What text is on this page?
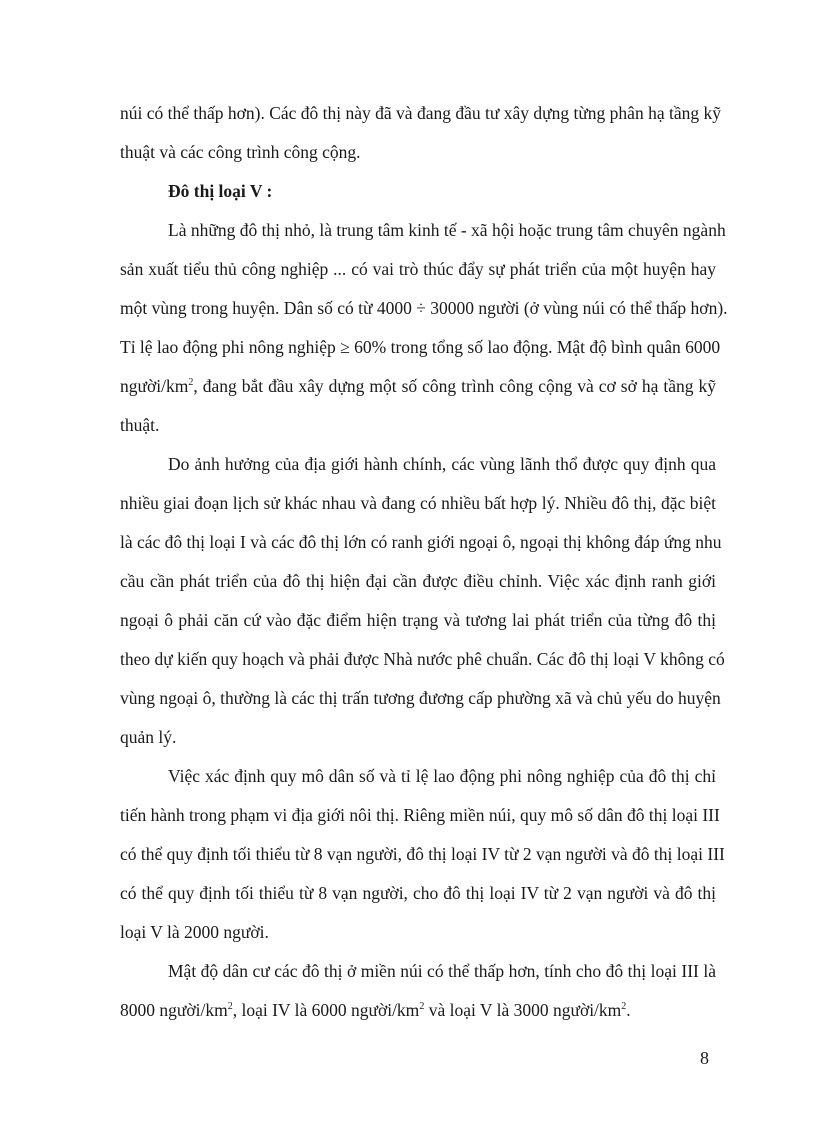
núi có thể thấp hơn). Các đô thị này đã và đang đầu tư xây dựng từng phân hạ tầng kỹ
thuật và các công trình công cộng.
Đô thị loại V :
Là những đô thị nhỏ, là trung tâm kinh tế - xã hội hoặc trung tâm chuyên ngành
sản xuất tiểu thủ công nghiệp ... có vai trò thúc đẩy sự phát triển của một huyện hay
một vùng trong huyện. Dân số có từ 4000 ÷ 30000 người (ở vùng núi có thể thấp hơn).
Tỉ lệ lao động phi nông nghiệp ≥ 60% trong tổng số lao động. Mật độ bình quân 6000
người/$km^2$, đang bắt đầu xây dựng một số công trình công cộng và cơ sở hạ tầng kỹ
thuật.
Do ảnh hưởng của địa giới hành chính, các vùng lãnh thổ được quy định qua
nhiều giai đoạn lịch sử khác nhau và đang có nhiều bất hợp lý. Nhiều đô thị, đặc biệt
là các đô thị loại I và các đô thị lớn có ranh giới ngoại ô, ngoại thị không đáp ứng nhu
cầu cần phát triển của đô thị hiện đại cần được điều chỉnh. Việc xác định ranh giới
ngoại ô phải căn cứ vào đặc điểm hiện trạng và tương lai phát triển của từng đô thị
theo dự kiến quy hoạch và phải được Nhà nước phê chuẩn. Các đô thị loại V không có
vùng ngoại ô, thường là các thị trấn tương đương cấp phường xã và chủ yếu do huyện
quản lý.
Việc xác định quy mô dân số và tỉ lệ lao động phi nông nghiệp của đô thị chỉ
tiến hành trong phạm vi địa giới nôi thị. Riêng miền núi, quy mô số dân đô thị loại III
có thể quy định tối thiểu từ 8 vạn người, đô thị loại IV từ 2 vạn người và đô thị loại III
có thể quy định tối thiểu từ 8 vạn người, cho đô thị loại IV từ 2 vạn người và đô thị
loại V là 2000 người.
Mật độ dân cư các đô thị ở miền núi có thể thấp hơn, tính cho đô thị loại III là
8000 người/$km^2$, loại IV là 6000 người/$km^2$ và loại V là 3000 người/$km^2$.
8
